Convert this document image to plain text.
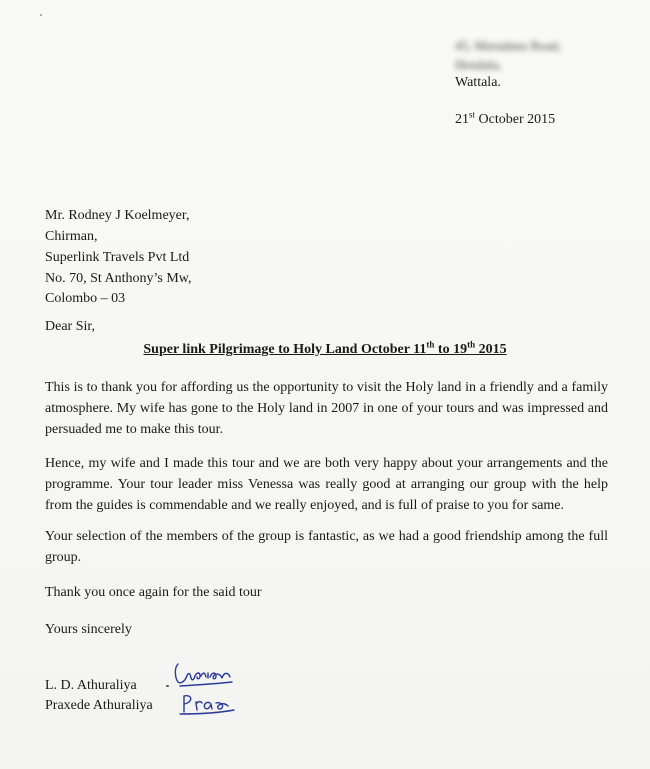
45, Marudana Road,
Hendala,
Wattala.
21st October 2015
Mr. Rodney J Koelmeyer,
Chirman,
Superlink Travels Pvt Ltd
No. 70, St Anthony’s Mw,
Colombo – 03
Dear Sir,
Super link Pilgrimage to Holy Land October 11th to 19th 2015
This is to thank you for affording us the opportunity to visit the Holy land in a friendly and a family atmosphere. My wife has gone to the Holy land in 2007 in one of your tours and was impressed and persuaded me to make this tour.
Hence, my wife and I made this tour and we are both very happy about your arrangements and the programme. Your tour leader miss Venessa was really good at arranging our group with the help from the guides is commendable and we really enjoyed, and is full of praise to you for same.
Your selection of the members of the group is fantastic, as we had a good friendship among the full group.
Thank you once again for the said tour
Yours sincerely
L. D. Athuraliya
Praxede Athuraliya
